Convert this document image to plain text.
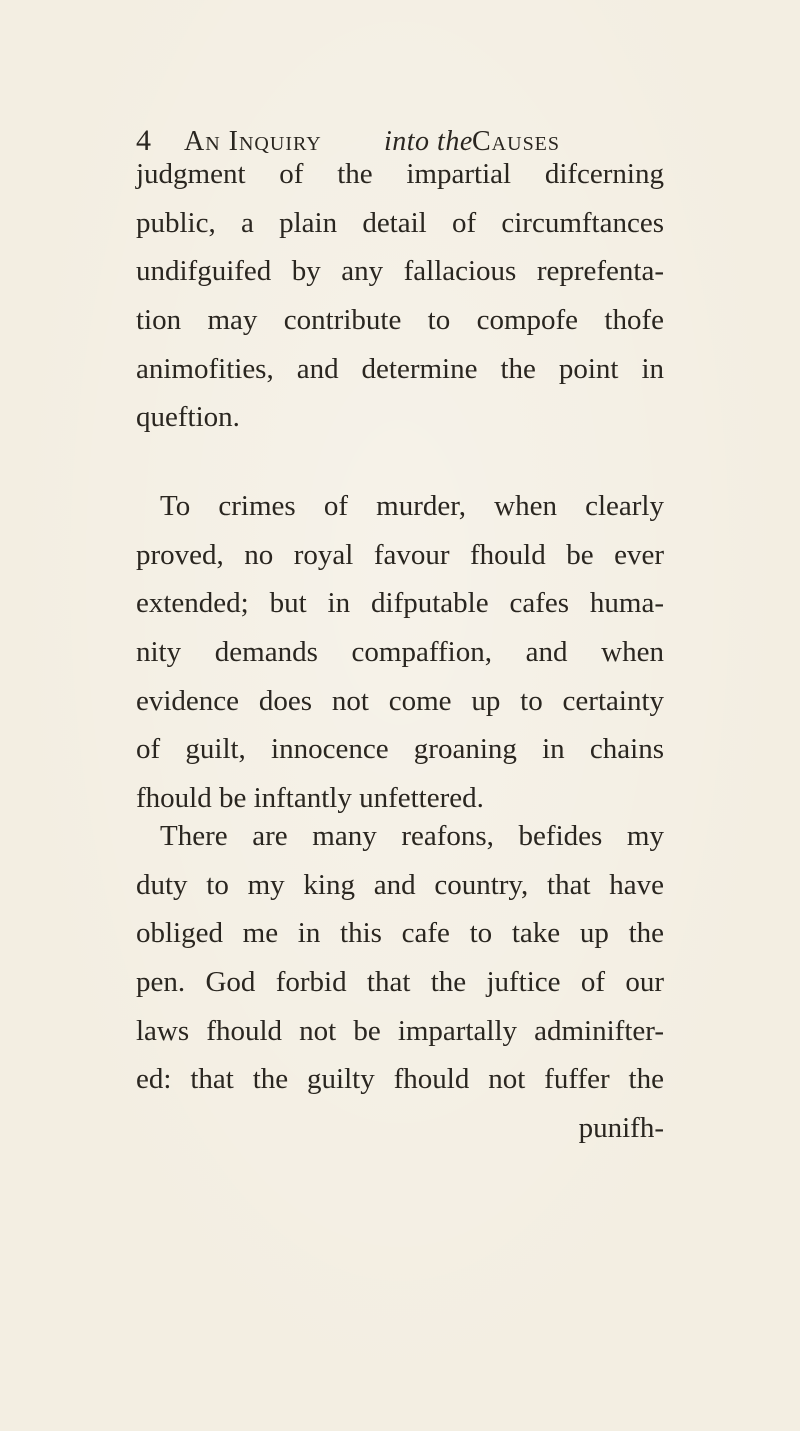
4 An Inquiry into the Causes
judgment of the impartial difcerning
public, a plain detail of circumftances
undifguifed by any fallacious reprefenta-
tion may contribute to compofe thofe
animofities, and determine the point in
queftion.
To crimes of murder, when clearly
proved, no royal favour fhould be ever
extended; but in difputable cafes huma-
nity demands compaffion, and when
evidence does not come up to certainty
of guilt, innocence groaning in chains
fhould be inftantly unfettered.
There are many reafons, befides my
duty to my king and country, that have
obliged me in this cafe to take up the
pen. God forbid that the juftice of our
laws fhould not be impartally adminifter-
ed: that the guilty fhould not fuffer the
punifh-
